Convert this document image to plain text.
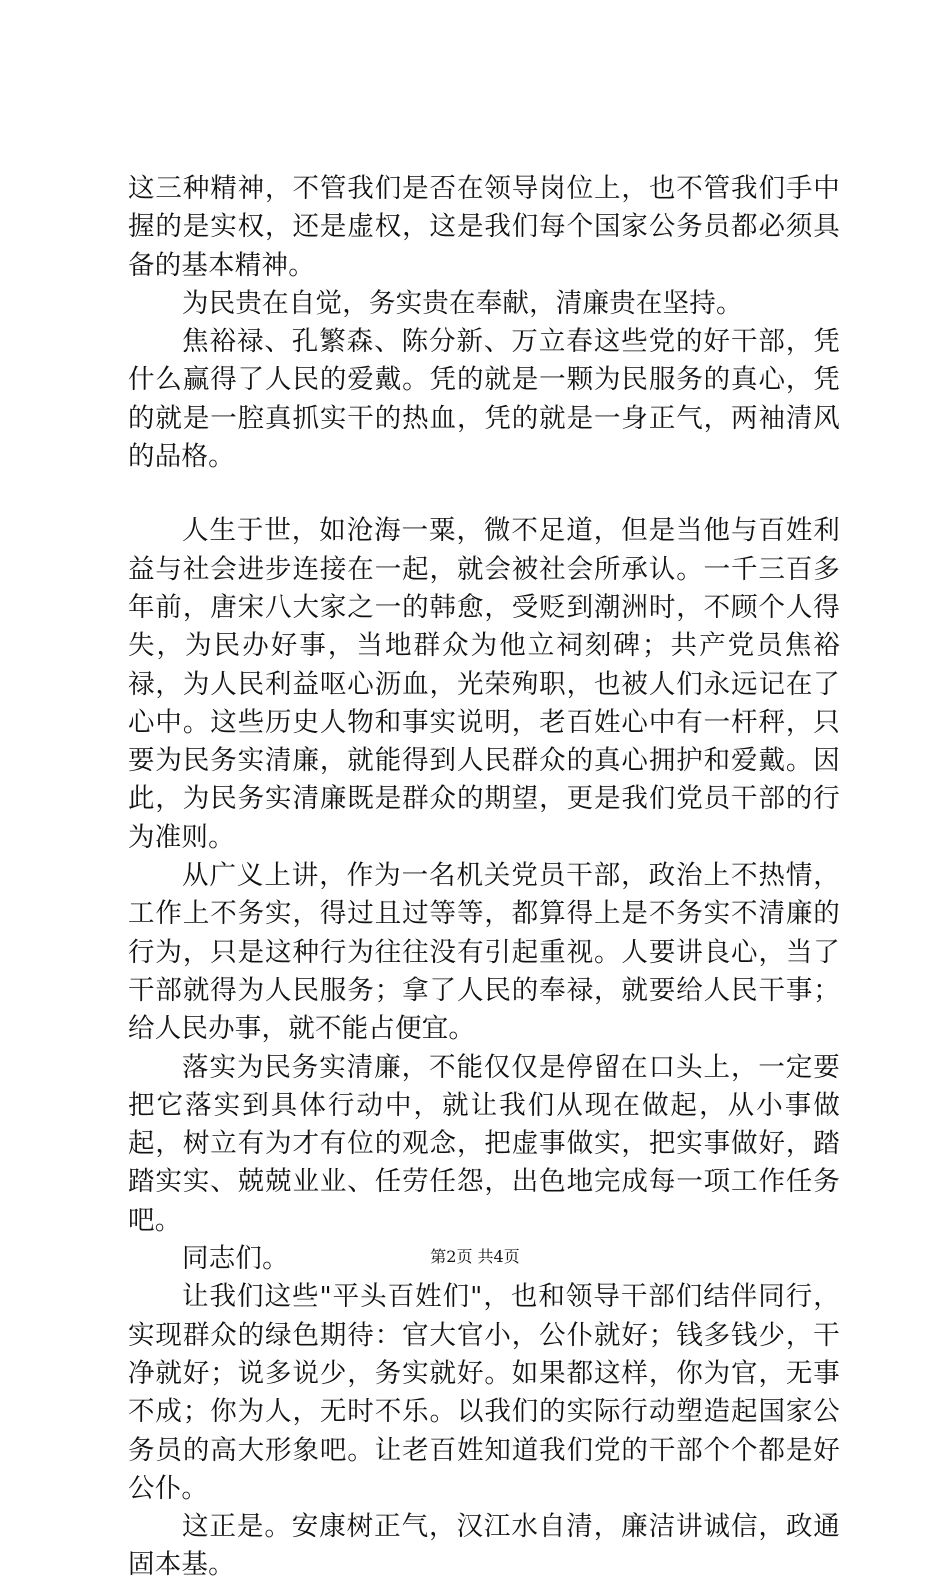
这三种精神，不管我们是否在领导岗位上，也不管我们手中握的是实权，还是虚权，这是我们每个国家公务员都必须具备的基本精神。

为民贵在自觉，务实贵在奉献，清廉贵在坚持。

焦裕禄、孔繁森、陈分新、万立春这些党的好干部，凭什么赢得了人民的爱戴。凭的就是一颗为民服务的真心，凭的就是一腔真抓实干的热血，凭的就是一身正气，两袖清风的品格。

人生于世，如沧海一粟，微不足道，但是当他与百姓利益与社会进步连接在一起，就会被社会所承认。一千三百多年前，唐宋八大家之一的韩愈，受贬到潮洲时，不顾个人得失，为民办好事，当地群众为他立祠刻碑；共产党员焦裕禄，为人民利益呕心沥血，光荣殉职，也被人们永远记在了心中。这些历史人物和事实说明，老百姓心中有一杆秤，只要为民务实清廉，就能得到人民群众的真心拥护和爱戴。因此，为民务实清廉既是群众的期望，更是我们党员干部的行为准则。

从广义上讲，作为一名机关党员干部，政治上不热情，工作上不务实，得过且过等等，都算得上是不务实不清廉的行为，只是这种行为往往没有引起重视。人要讲良心，当了干部就得为人民服务；拿了人民的奉禄，就要给人民干事；给人民办事，就不能占便宜。

落实为民务实清廉，不能仅仅是停留在口头上，一定要把它落实到具体行动中，就让我们从现在做起，从小事做起，树立有为才有位的观念，把虚事做实，把实事做好，踏踏实实、兢兢业业、任劳任怨，出色地完成每一项工作任务吧。

同志们。

让我们这些"平头百姓们"，也和领导干部们结伴同行，实现群众的绿色期待：官大官小，公仆就好；钱多钱少，干净就好；说多说少，务实就好。如果都这样，你为官，无事不成；你为人，无时不乐。以我们的实际行动塑造起国家公务员的高大形象吧。让老百姓知道我们党的干部个个都是好公仆。

这正是。安康树正气，汉江水自清，廉洁讲诚信，政通固本基。

第2页 共4页
